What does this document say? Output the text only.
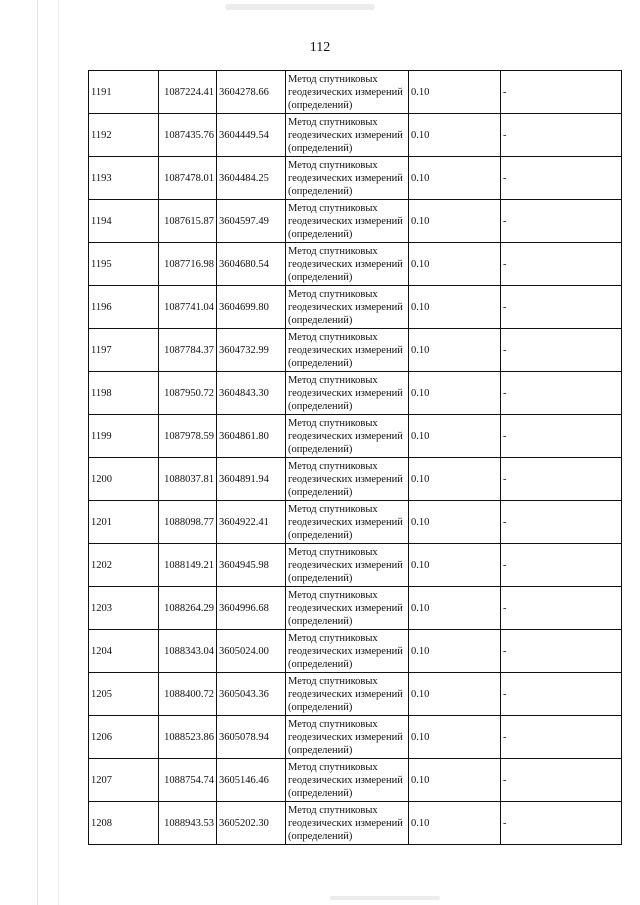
112
1191	1087224.41	3604278.66	Метод спутниковых
геодезических измерений
(определений)	0.10	-
1192	1087435.76	3604449.54	Метод спутниковых
геодезических измерений
(определений)	0.10	-
1193	1087478.01	3604484.25	Метод спутниковых
геодезических измерений
(определений)	0.10	-
1194	1087615.87	3604597.49	Метод спутниковых
геодезических измерений
(определений)	0.10	-
1195	1087716.98	3604680.54	Метод спутниковых
геодезических измерений
(определений)	0.10	-
1196	1087741.04	3604699.80	Метод спутниковых
геодезических измерений
(определений)	0.10	-
1197	1087784.37	3604732.99	Метод спутниковых
геодезических измерений
(определений)	0.10	-
1198	1087950.72	3604843.30	Метод спутниковых
геодезических измерений
(определений)	0.10	-
1199	1087978.59	3604861.80	Метод спутниковых
геодезических измерений
(определений)	0.10	-
1200	1088037.81	3604891.94	Метод спутниковых
геодезических измерений
(определений)	0.10	-
1201	1088098.77	3604922.41	Метод спутниковых
геодезических измерений
(определений)	0.10	-
1202	1088149.21	3604945.98	Метод спутниковых
геодезических измерений
(определений)	0.10	-
1203	1088264.29	3604996.68	Метод спутниковых
геодезических измерений
(определений)	0.10	-
1204	1088343.04	3605024.00	Метод спутниковых
геодезических измерений
(определений)	0.10	-
1205	1088400.72	3605043.36	Метод спутниковых
геодезических измерений
(определений)	0.10	-
1206	1088523.86	3605078.94	Метод спутниковых
геодезических измерений
(определений)	0.10	-
1207	1088754.74	3605146.46	Метод спутниковых
геодезических измерений
(определений)	0.10	-
1208	1088943.53	3605202.30	Метод спутниковых
геодезических измерений
(определений)	0.10	-
